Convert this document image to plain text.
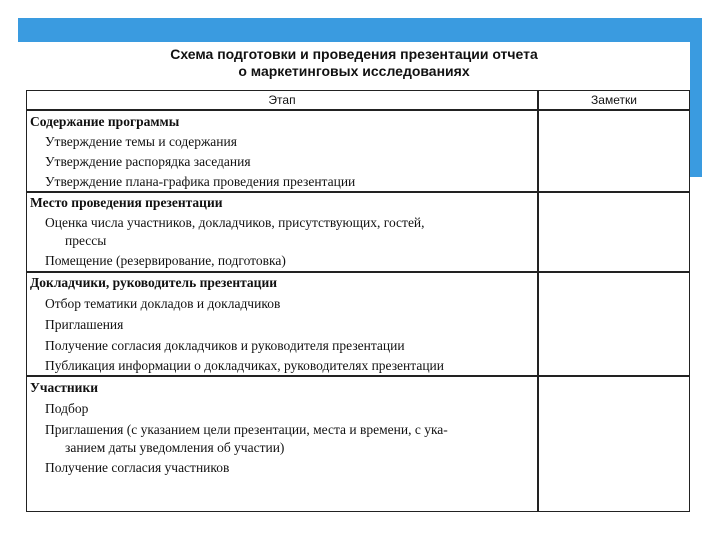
Схема подготовки и проведения презентации отчета
о маркетинговых исследованиях
Этап	Заметки
Содержание программы
Утверждение темы и содержания
Утверждение распорядка заседания
Утверждение плана-графика проведения презентации
Место проведения презентации
Оценка числа участников, докладчиков, присутствующих, гостей,
прессы
Помещение (резервирование, подготовка)
Докладчики, руководитель презентации
Отбор тематики докладов и докладчиков
Приглашения
Получение согласия докладчиков и руководителя презентации
Публикация информации о докладчиках, руководителях презентации
Участники
Подбор
Приглашения (с указанием цели презентации, места и времени, с ука-
занием даты уведомления об участии)
Получение согласия участников
